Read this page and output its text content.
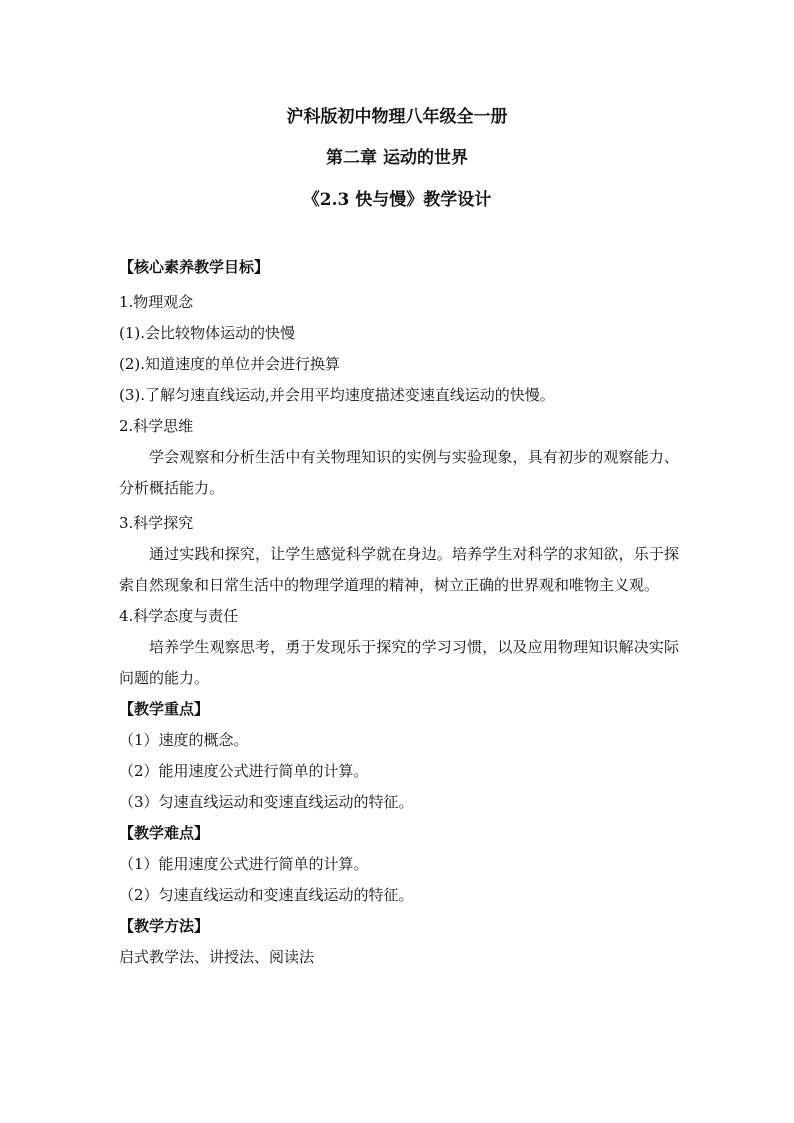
沪科版初中物理八年级全一册

第二章 运动的世界

《2.3 快与慢》教学设计

【核心素养教学目标】

1.物理观念

(1).会比较物体运动的快慢

(2).知道速度的单位并会进行换算

(3).了解匀速直线运动,并会用平均速度描述变速直线运动的快慢。

2.科学思维

学会观察和分析生活中有关物理知识的实例与实验现象，具有初步的观察能力、分析概括能力。

3.科学探究

通过实践和探究，让学生感觉科学就在身边。培养学生对科学的求知欲，乐于探索自然现象和日常生活中的物理学道理的精神，树立正确的世界观和唯物主义观。

4.科学态度与责任

培养学生观察思考，勇于发现乐于探究的学习习惯，以及应用物理知识解决实际问题的能力。

【教学重点】

（1）速度的概念。

（2）能用速度公式进行简单的计算。

（3）匀速直线运动和变速直线运动的特征。

【教学难点】

（1）能用速度公式进行简单的计算。

（2）匀速直线运动和变速直线运动的特征。

【教学方法】

启式教学法、讲授法、阅读法
